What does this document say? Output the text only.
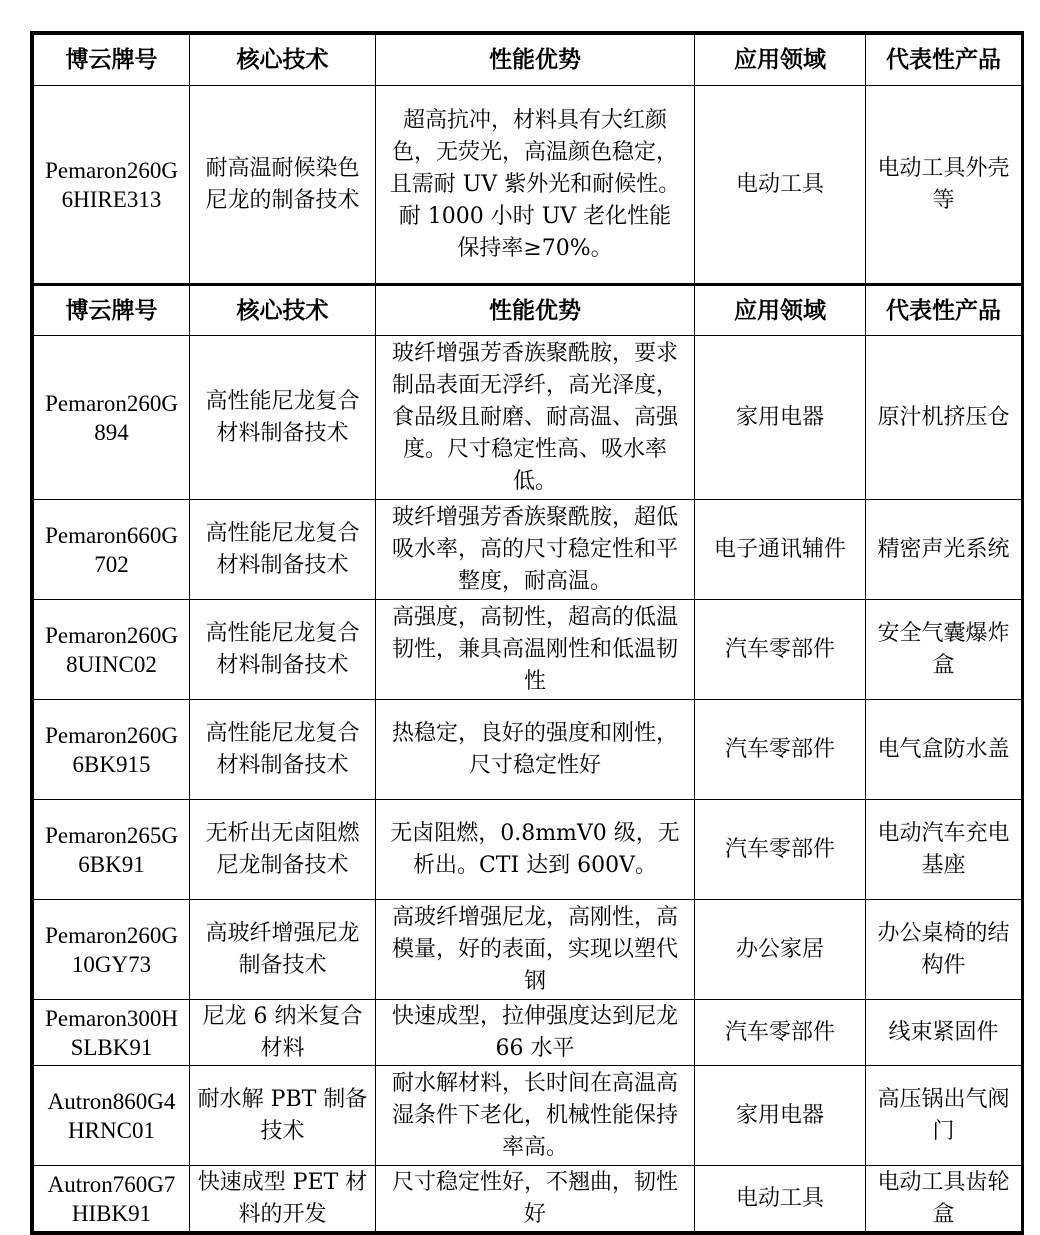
博云牌号	核心技术	性能优势	应用领域	代表性产品
Pemaron260G6HIRE313	耐高温耐候染色尼龙的制备技术	超高抗冲，材料具有大红颜色，无荧光，高温颜色稳定，且需耐 UV 紫外光和耐候性。耐 1000 小时 UV 老化性能保持率≥70%。	电动工具	电动工具外壳等
博云牌号	核心技术	性能优势	应用领域	代表性产品
Pemaron260G894	高性能尼龙复合材料制备技术	玻纤增强芳香族聚酰胺，要求制品表面无浮纤，高光泽度，食品级且耐磨、耐高温、高强度。尺寸稳定性高、吸水率低。	家用电器	原汁机挤压仓
Pemaron660G702	高性能尼龙复合材料制备技术	玻纤增强芳香族聚酰胺，超低吸水率，高的尺寸稳定性和平整度，耐高温。	电子通讯辅件	精密声光系统
Pemaron260G8UINC02	高性能尼龙复合材料制备技术	高强度，高韧性，超高的低温韧性，兼具高温刚性和低温韧性	汽车零部件	安全气囊爆炸盒
Pemaron260G6BK915	高性能尼龙复合材料制备技术	热稳定，良好的强度和刚性，尺寸稳定性好	汽车零部件	电气盒防水盖
Pemaron265G6BK91	无析出无卤阻燃尼龙制备技术	无卤阻燃，0.8mmV0 级，无析出。CTI 达到 600V。	汽车零部件	电动汽车充电基座
Pemaron260G10GY73	高玻纤增强尼龙制备技术	高玻纤增强尼龙，高刚性，高模量，好的表面，实现以塑代钢	办公家居	办公桌椅的结构件
Pemaron300HSLBK91	尼龙 6 纳米复合材料	快速成型，拉伸强度达到尼龙 66 水平	汽车零部件	线束紧固件
Autron860G4HRNC01	耐水解 PBT 制备技术	耐水解材料，长时间在高温高湿条件下老化，机械性能保持率高。	家用电器	高压锅出气阀门
Autron760G7HIBK91	快速成型 PET 材料的开发	尺寸稳定性好，不翘曲，韧性好	电动工具	电动工具齿轮盒
